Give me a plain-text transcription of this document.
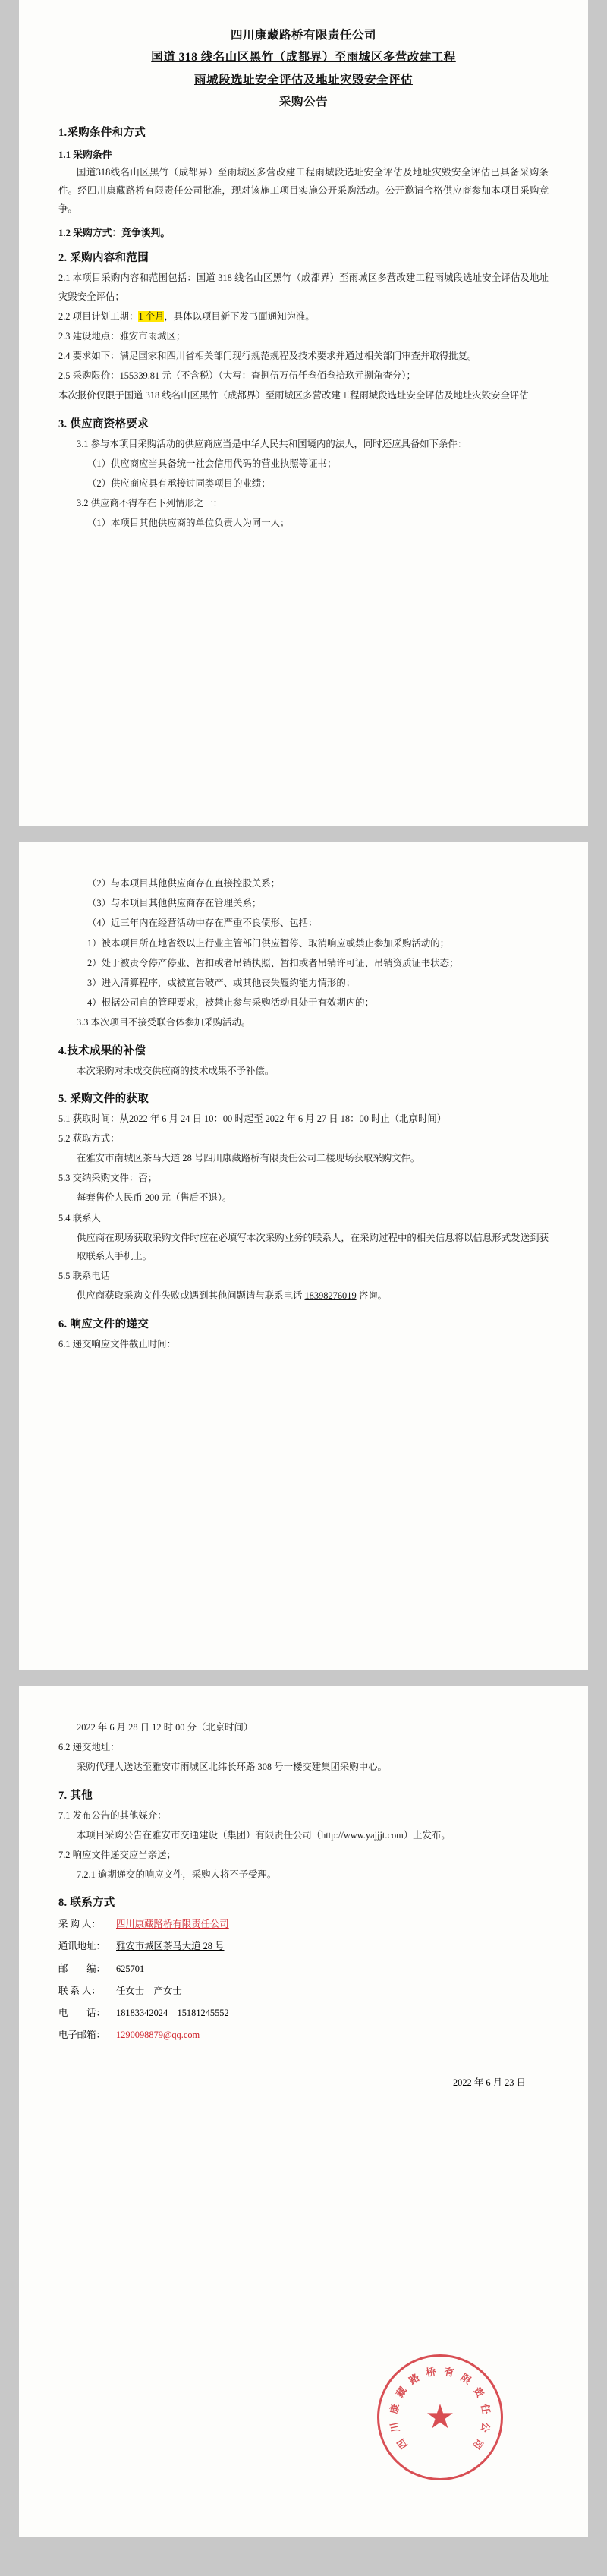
四川康藏路桥有限责任公司
国道 318 线名山区黑竹（成都界）至雨城区多营改建工程
雨城段选址安全评估及地址灾毁安全评估
采购公告
1.采购条件和方式
1.1 采购条件

国道318线名山区黑竹（成都界）至雨城区多营改建工程雨城段选址安全评估及地址灾毁安全评估已具备采购条件。经四川康藏路桥有限责任公司批准，现对该施工项目实施公开采购活动。公开邀请合格供应商参加本项目采购竞争。

1.2 采购方式：竞争谈判。
2. 采购内容和范围

2.1 本项目采购内容和范围包括：国道 318 线名山区黑竹（成都界）至雨城区多营改建工程雨城段选址安全评估及地址灾毁安全评估；

2.2 项目计划工期：1 个月，具体以项目新下发书面通知为准。

2.3 建设地点：雅安市雨城区；

2.4 要求如下：满足国家和四川省相关部门现行规范规程及技术要求并通过相关部门审查并取得批复。

2.5 采购限价：155339.81 元（不含税）（大写：查捌伍万伍仟叁佰叁拾玖元捌角查分）；

本次报价仅限于国道 318 线名山区黑竹（成都界）至雨城区多营改建工程雨城段选址安全评估及地址灾毁安全评估

3. 供应商资格要求

3.1 参与本项目采购活动的供应商应当是中华人民共和国境内的法人，同时还应具备如下条件：

（1）供应商应当具备统一社会信用代码的营业执照等证书；

（2）供应商应具有承接过同类项目的业绩；

3.2 供应商不得存在下列情形之一：

（1）本项目其他供应商的单位负责人为同一人；

（2）与本项目其他供应商存在直接控股关系；

（3）与本项目其他供应商存在管理关系；

（4）近三年内在经营活动中存在严重不良债形、包括：

1）被本项目所在地省级以上行业主管部门供应暂停、取消响应或禁止参加采购活动的；

2）处于被责令停产停业、暂扣或者吊销执照、暂扣或者吊销许可证、吊销资质证书状态；

3）进入清算程序，或被宣告破产、或其他丧失履约能力情形的；

4）根据公司自的管理要求，被禁止参与采购活动且处于有效期内的；

3.3 本次项目不接受联合体参加采购活动。

4.技术成果的补偿

本次采购对未成交供应商的技术成果不予补偿。

5. 采购文件的获取

5.1 获取时间：从2022 年 6 月 24 日 10：00 时起至 2022 年 6 月 27 日 18：00 时止（北京时间）

5.2 获取方式：

在雅安市南城区茶马大道 28 号四川康藏路桥有限责任公司二楼现场获取采购文件。

5.3 交纳采购文件：否；

每套售价人民币 200 元（售后不退）。

5.4 联系人

供应商在现场获取采购文件时应在必填写本次采购业务的联系人，在采购过程中的相关信息将以信息形式发送到获取联系人手机上。

5.5 联系电话

供应商获取采购文件失败或遇到其他问题请与联系电话 18398276019 咨询。

6. 响应文件的递交

6.1 递交响应文件截止时间：

2022 年 6 月 28 日 12 时 00 分（北京时间）

6.2 递交地址：

采购代理人送达至雅安市雨城区北纬长环路 308 号一楼交建集团采购中心。

7. 其他

7.1 发布公告的其他媒介：

本项目采购公告在雅安市交通建设（集团）有限责任公司（http://www.yajjjt.com）上发布。

7.2 响应文件递交应当亲送；

7.2.1 逾期递交的响应文件，采购人将不予受理。

8. 联系方式
采 购 人： 四川康藏路桥有限责任公司
通讯地址： 雅安市城区茶马大道 28 号
邮　　编： 625701
联 系 人： 任女士　产女士
电　　话： 18183342024　15181245552
电子邮箱： 1290098879@qq.com
四
川
康
藏
路 桥 有 限
责
任
公
司
★
2022 年 6 月 23 日
